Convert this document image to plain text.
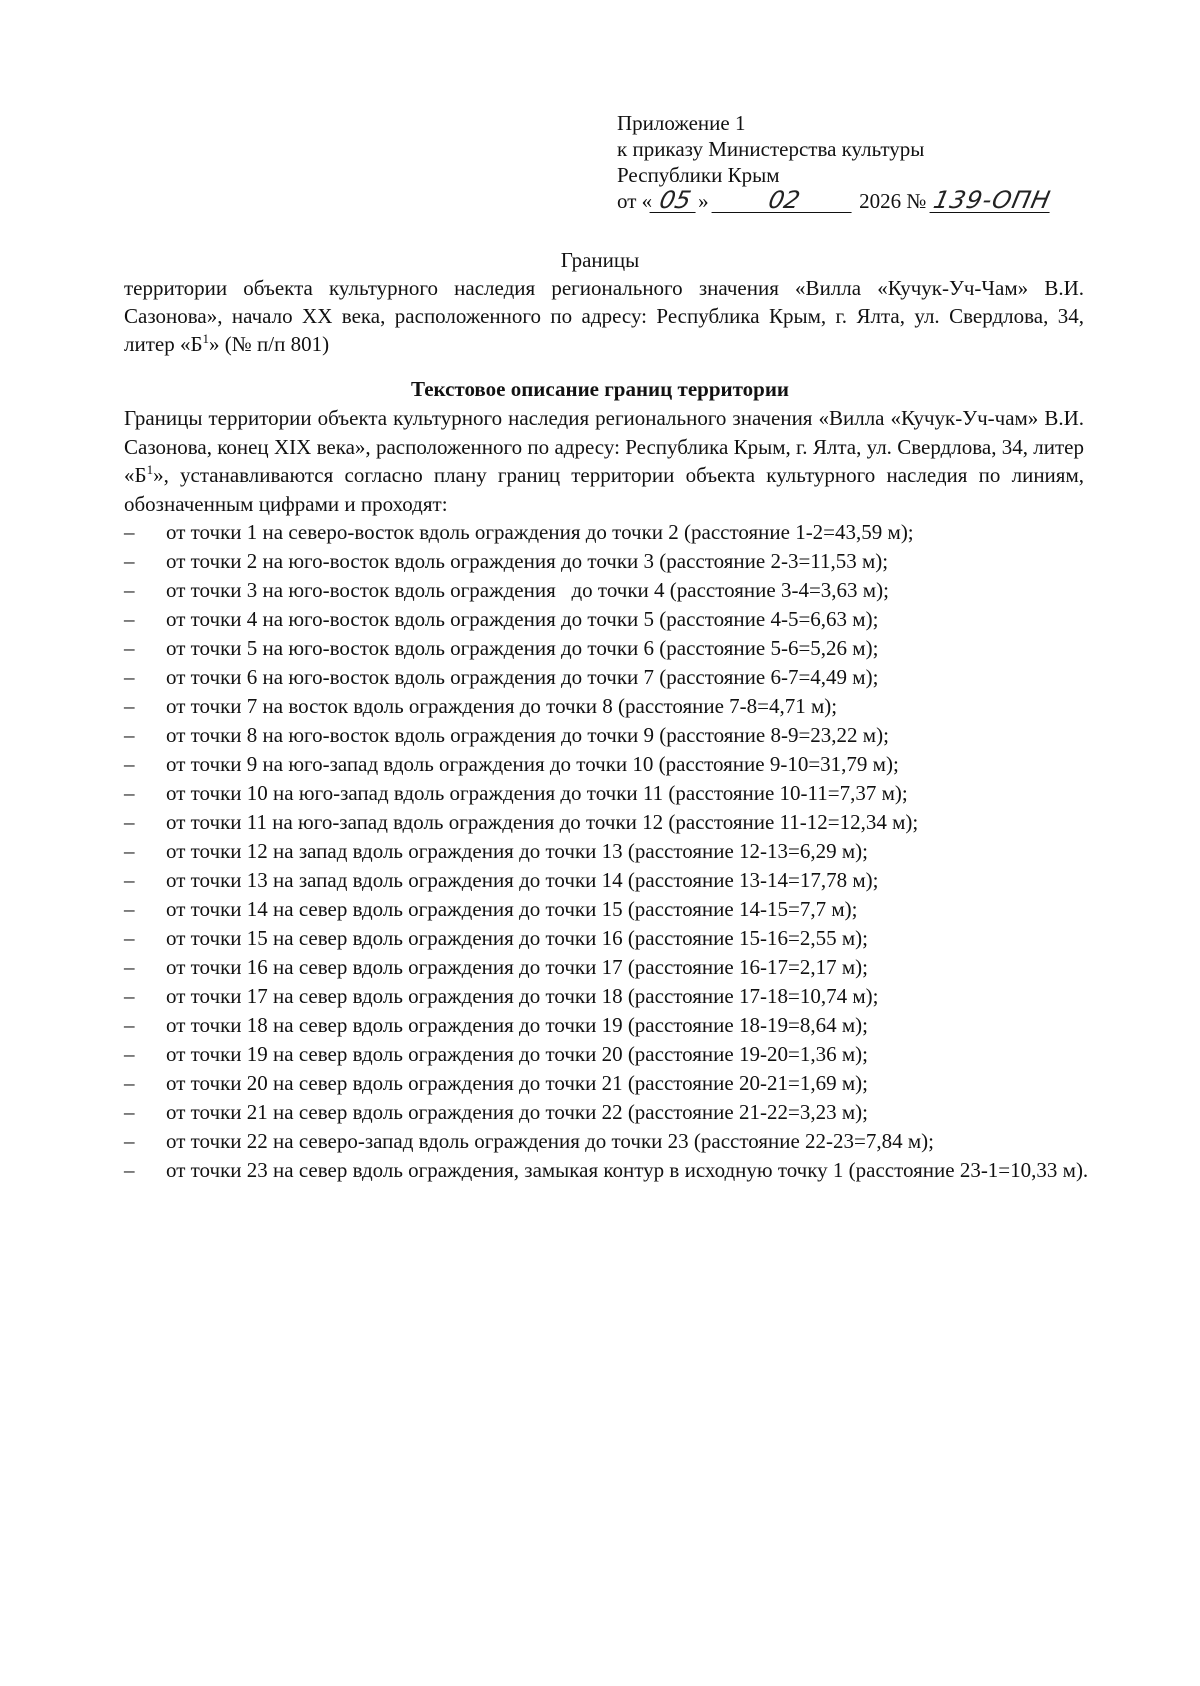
Приложение 1
к приказу Министерства культуры
Республики Крым
от « 05 » 02	2026 № 139-ОПН
Границы
территории объекта культурного наследия регионального значения «Вилла «Кучук-Уч-Чам» В.И. Сазонова», начало XX века, расположенного по адресу: Республика Крым, г. Ялта, ул. Свердлова, 34, литер «$Б^1$» (№ п/п 801)
Текстовое описание границ территории
Границы территории объекта культурного наследия регионального значения «Вилла «Кучук-Уч-чам» В.И. Сазонова, конец XIX века», расположенного по адресу: Республика Крым, г. Ялта, ул. Свердлова, 34, литер «$Б^1$», устанавливаются согласно плану границ территории объекта культурного наследия по линиям, обозначенным цифрами и проходят:
–	от точки 1 на северо-восток вдоль ограждения до точки 2 (расстояние 1-2=43,59 м);
–	от точки 2 на юго-восток вдоль ограждения до точки 3 (расстояние 2-3=11,53 м);
–	от точки 3 на юго-восток вдоль ограждения   до точки 4 (расстояние 3-4=3,63 м);
–	от точки 4 на юго-восток вдоль ограждения до точки 5 (расстояние 4-5=6,63 м);
–	от точки 5 на юго-восток вдоль ограждения до точки 6 (расстояние 5-6=5,26 м);
–	от точки 6 на юго-восток вдоль ограждения до точки 7 (расстояние 6-7=4,49 м);
–	от точки 7 на восток вдоль ограждения до точки 8 (расстояние 7-8=4,71 м);
–	от точки 8 на юго-восток вдоль ограждения до точки 9 (расстояние 8-9=23,22 м);
–	от точки 9 на юго-запад вдоль ограждения до точки 10 (расстояние 9-10=31,79 м);
–	от точки 10 на юго-запад вдоль ограждения до точки 11 (расстояние 10-11=7,37 м);
–	от точки 11 на юго-запад вдоль ограждения до точки 12 (расстояние 11-12=12,34 м);
–	от точки 12 на запад вдоль ограждения до точки 13 (расстояние 12-13=6,29 м);
–	от точки 13 на запад вдоль ограждения до точки 14 (расстояние 13-14=17,78 м);
–	от точки 14 на север вдоль ограждения до точки 15 (расстояние 14-15=7,7 м);
–	от точки 15 на север вдоль ограждения до точки 16 (расстояние 15-16=2,55 м);
–	от точки 16 на север вдоль ограждения до точки 17 (расстояние 16-17=2,17 м);
–	от точки 17 на север вдоль ограждения до точки 18 (расстояние 17-18=10,74 м);
–	от точки 18 на север вдоль ограждения до точки 19 (расстояние 18-19=8,64 м);
–	от точки 19 на север вдоль ограждения до точки 20 (расстояние 19-20=1,36 м);
–	от точки 20 на север вдоль ограждения до точки 21 (расстояние 20-21=1,69 м);
–	от точки 21 на север вдоль ограждения до точки 22 (расстояние 21-22=3,23 м);
–	от точки 22 на северо-запад вдоль ограждения до точки 23 (расстояние 22-23=7,84 м);
–	от точки 23 на север вдоль ограждения, замыкая контур в исходную точку 1 (расстояние 23-1=10,33 м).
